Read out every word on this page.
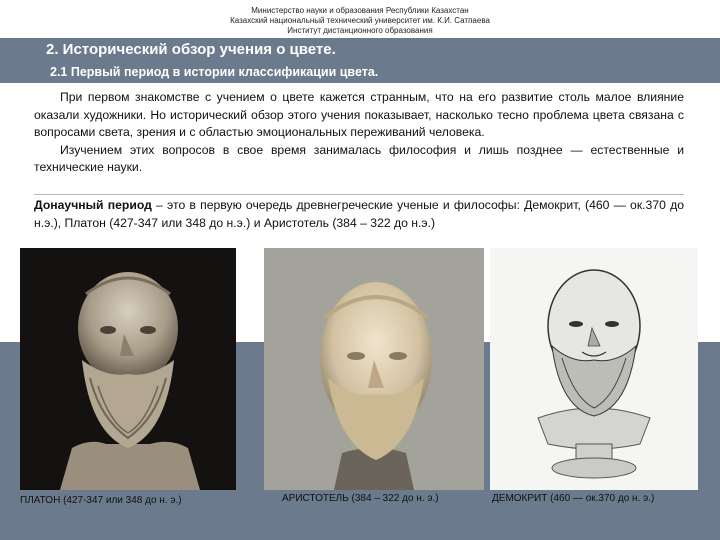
Министерство науки и образования Республики Казахстан
Казахский национальный технический университет им. К.И. Сатпаева
Институт дистанционного образования
2. Исторический обзор учения о цвете.
2.1 Первый период в истории классификации цвета.
При первом знакомстве с учением о цвете кажется странным, что на его развитие столь малое влияние оказали художники. Но исторический обзор этого учения показывает, насколько тесно проблема цвета связана с вопросами света, зрения и с областью эмоциональных переживаний человека.
Изучением этих вопросов в свое время занималась философия и лишь позднее — естественные и технические науки.
Донаучный период – это в первую очередь древнегреческие ученые и философы: Демокрит, (460 — ок.370 до н.э.), Платон (427-347 или 348 до н.э.) и Аристотель (384 – 322 до н.э.)
ПЛАТОН (427-347 или 348 до н. э.)	АРИСТОТЕЛЬ (384 – 322 до н. э.)	ДЕМОКРИТ (460 — ок.370 до н. э.)
